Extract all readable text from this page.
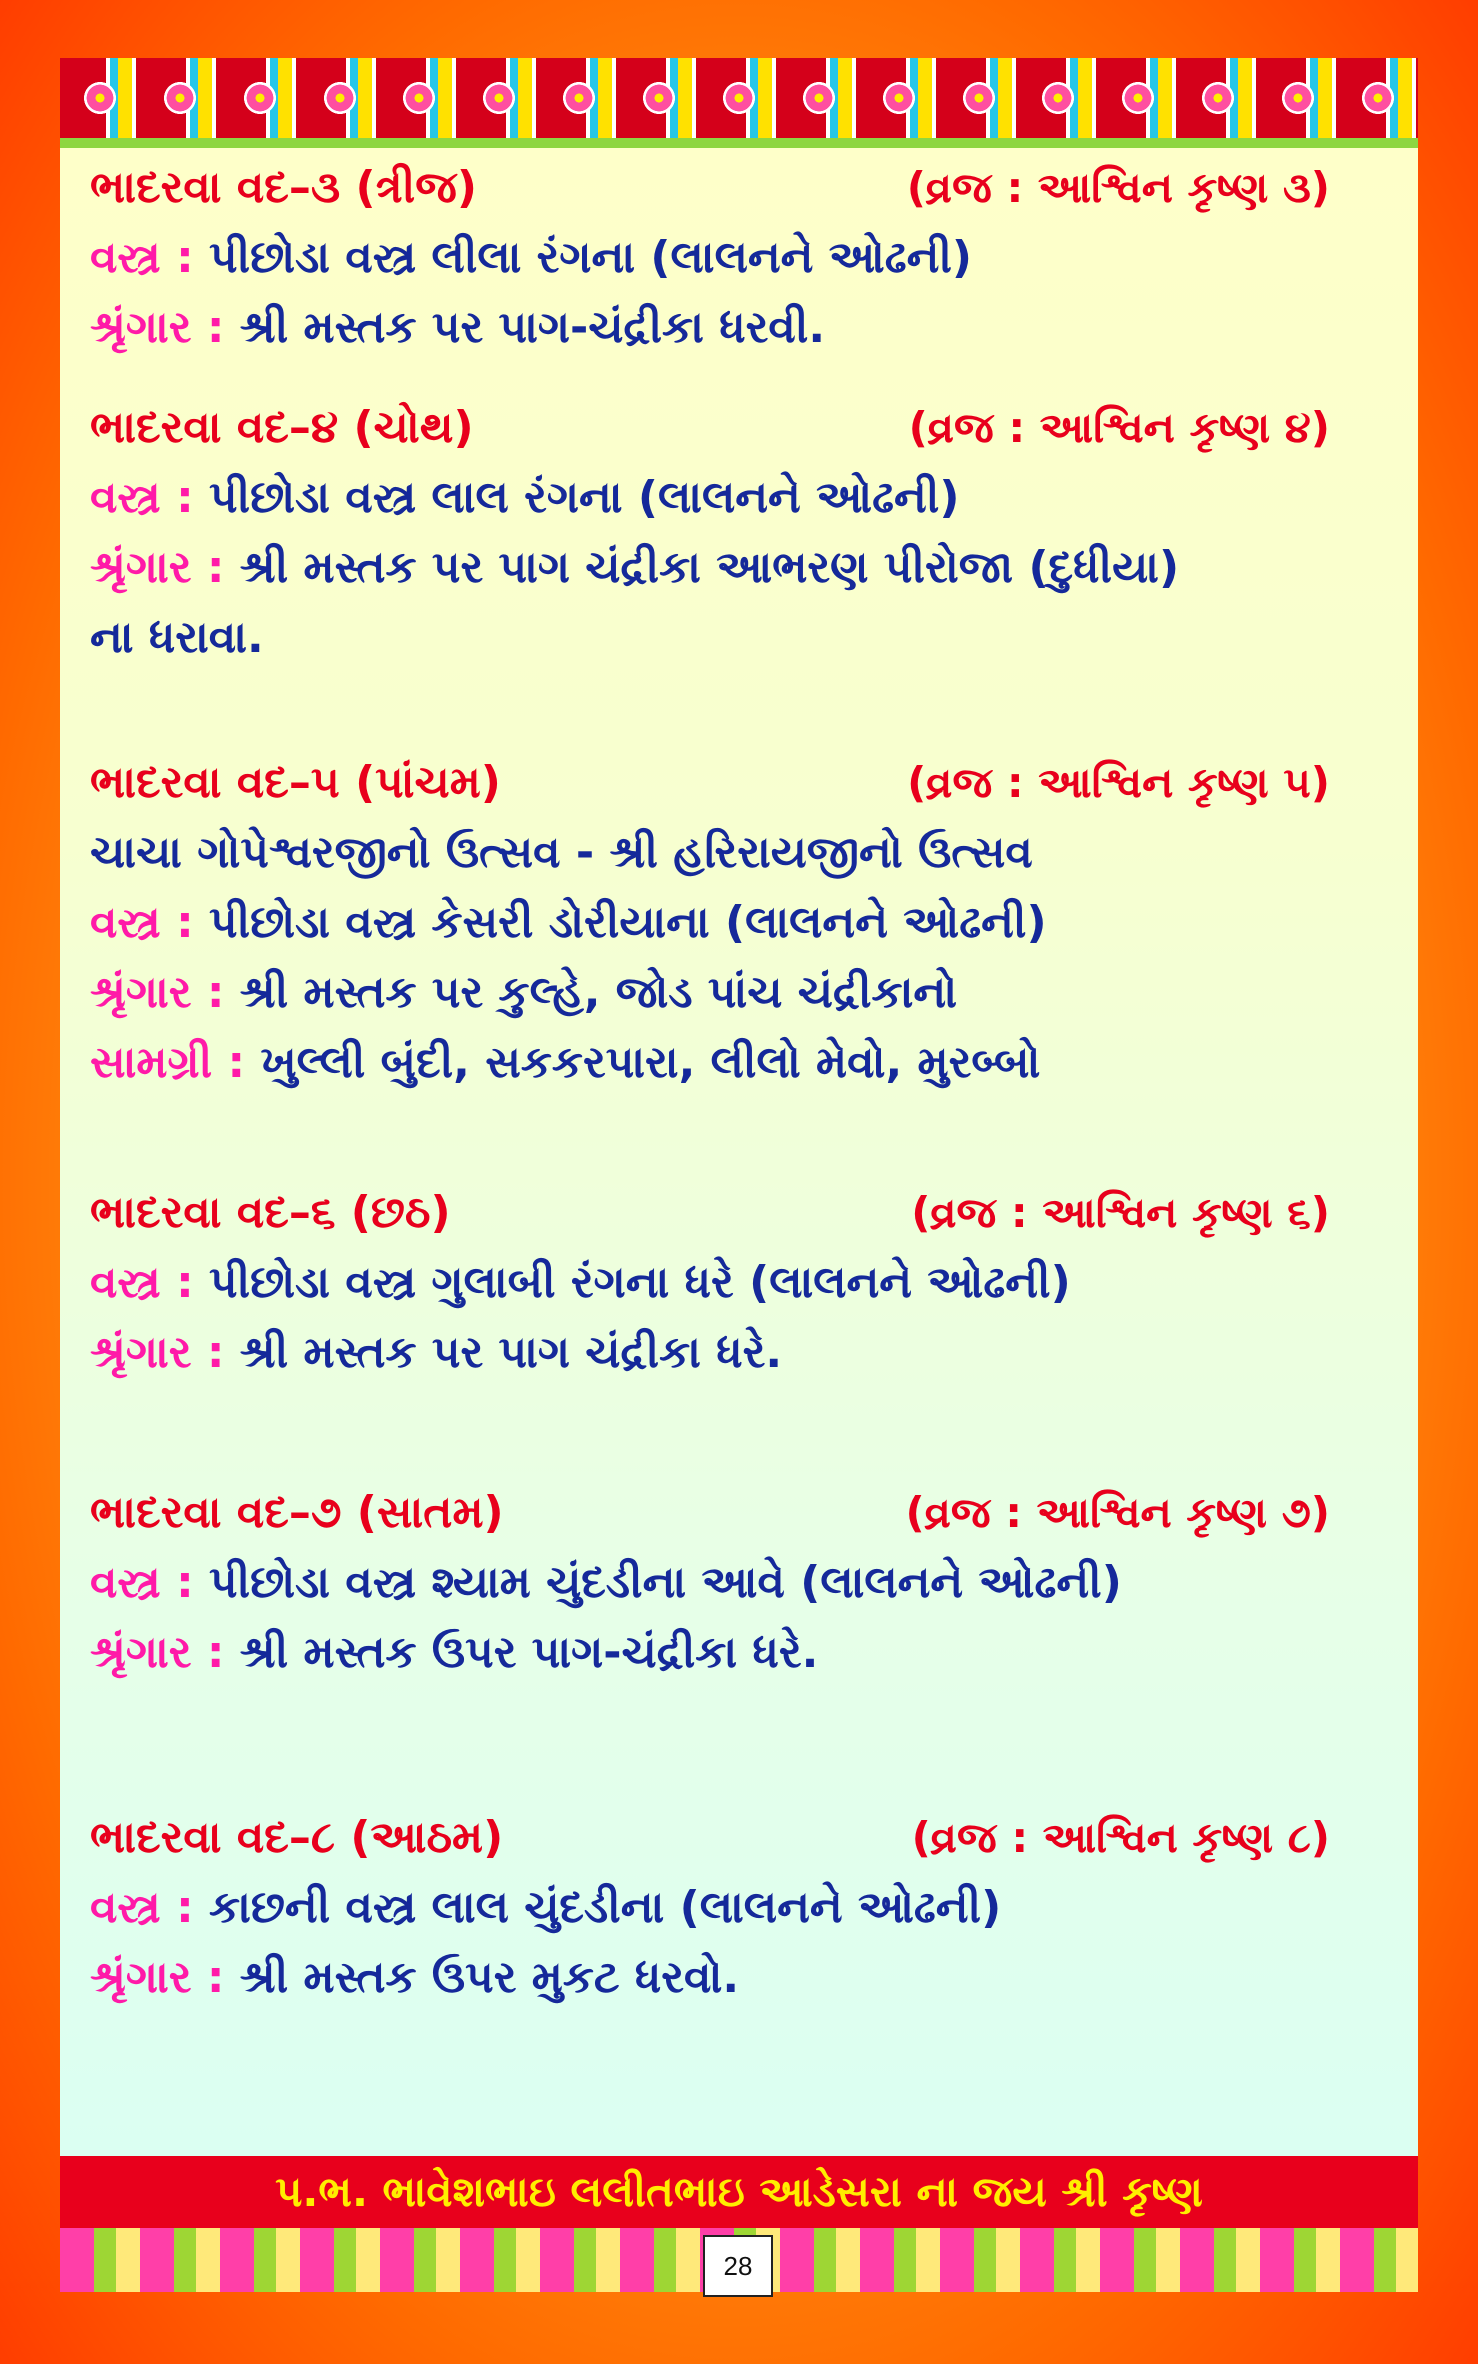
ભાદરવા વદ–૩ (ત્રીજ)	(વ્રજ : આશ્વિન કૃષ્ણ ૩)
વસ્ત્ર : પીછોડા વસ્ત્ર લીલા રંગના (લાલનને ઓઢની)
શ્રૃંગાર : શ્રી મસ્તક પર પાગ-ચંદ્રીકા ધરવી.
ભાદરવા વદ–૪ (ચોથ)	(વ્રજ : આશ્વિન કૃષ્ણ ૪)
વસ્ત્ર : પીછોડા વસ્ત્ર લાલ રંગના (લાલનને ઓઢની)
શ્રૃંગાર : શ્રી મસ્તક પર પાગ ચંદ્રીકા આભરણ પીરોજા (દુધીયા)
ના ધરાવા.
ભાદરવા વદ–૫ (પાંચમ)	(વ્રજ : આશ્વિન કૃષ્ણ ૫)
ચાચા ગોપેશ્વરજીનો ઉત્સવ - શ્રી હરિરાયજીનો ઉત્સવ
વસ્ત્ર : પીછોડા વસ્ત્ર કેસરી ડોરીયાના (લાલનને ઓઢની)
શ્રૃંગાર : શ્રી મસ્તક પર કુલ્હે, જોડ પાંચ ચંદ્રીકાનો
સામગ્રી : ખુલ્લી બુંદી, સકકરપારા, લીલો મેવો, મુરબ્બો
ભાદરવા વદ–૬ (છઠ)	(વ્રજ : આશ્વિન કૃષ્ણ ૬)
વસ્ત્ર : પીછોડા વસ્ત્ર ગુલાબી રંગના ધરે (લાલનને ઓઢની)
શ્રૃંગાર : શ્રી મસ્તક પર પાગ ચંદ્રીકા ધરે.
ભાદરવા વદ–૭ (સાતમ)	(વ્રજ : આશ્વિન કૃષ્ણ ૭)
વસ્ત્ર : પીછોડા વસ્ત્ર શ્યામ ચુંદડીના આવે (લાલનને ઓઢની)
શ્રૃંગાર : શ્રી મસ્તક ઉપર પાગ-ચંદ્રીકા ધરે.
ભાદરવા વદ–૮ (આઠમ)	(વ્રજ : આશ્વિન કૃષ્ણ ૮)
વસ્ત્ર : કાછની વસ્ત્ર લાલ ચુંદડીના (લાલનને ઓઢની)
શ્રૃંગાર : શ્રી મસ્તક ઉપર મુકટ ધરવો.
પ.ભ. ભાવેશભાઇ લલીતભાઇ આડેસરા ના જય શ્રી કૃષ્ણ
28
